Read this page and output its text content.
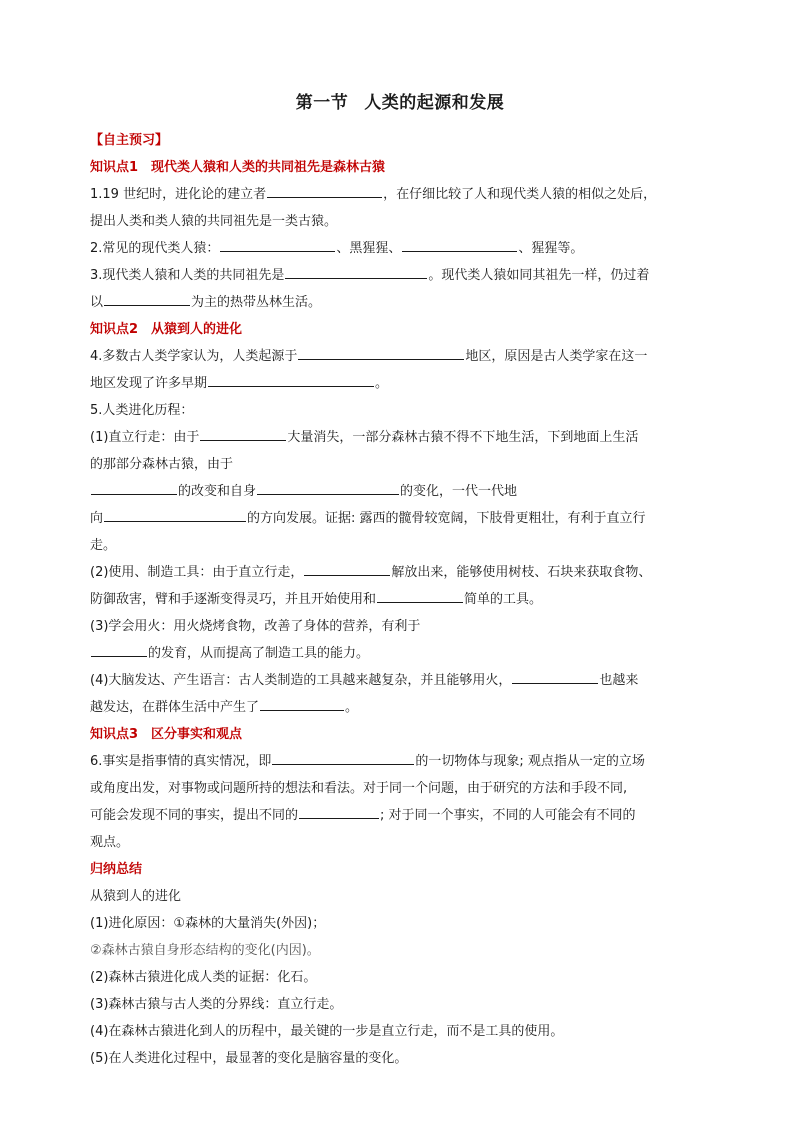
第一节 人类的起源和发展

【自主预习】

知识点1　现代类人猿和人类的共同祖先是森林古猿

1.19 世纪时，进化论的建立者	，在仔细比较了人和现代类人猿的相似之处后，

提出人类和类人猿的共同祖先是一类古猿。

2.常见的现代类人猿：	、黑猩猩、	、猩猩等。

3.现代类人猿和人类的共同祖先是	。现代类人猿如同其祖先一样，仍过着

以	为主的热带丛林生活。

知识点2　从猿到人的进化

4.多数古人类学家认为，人类起源于	地区，原因是古人类学家在这一

地区发现了许多早期	。

5.人类进化历程：

(1)直立行走：由于	大量消失，一部分森林古猿不得不下地生活，下到地面上生活

的那部分森林古猿，由于

的改变和自身	的变化，一代一代地

向	的方向发展。证据: 露西的髋骨较宽阔，下肢骨更粗壮，有利于直立行

走。

(2)使用、制造工具：由于直立行走，	解放出来，能够使用树枝、石块来获取食物、

防御敌害，臂和手逐渐变得灵巧，并且开始使用和	简单的工具。

(3)学会用火：用火烧烤食物，改善了身体的营养，有利于

的发育，从而提高了制造工具的能力。

(4)大脑发达、产生语言：古人类制造的工具越来越复杂，并且能够用火，	也越来

越发达，在群体生活中产生了	。

知识点3　区分事实和观点

6.事实是指事情的真实情况，即	的一切物体与现象; 观点指从一定的立场

或角度出发，对事物或问题所持的想法和看法。对于同一个问题，由于研究的方法和手段不同,

可能会发现不同的事实，提出不同的	; 对于同一个事实，不同的人可能会有不同的

观点。

归纳总结

从猿到人的进化

(1)进化原因：①森林的大量消失(外因)；

②森林古猿自身形态结构的变化(内因)。

(2)森林古猿进化成人类的证据：化石。

(3)森林古猿与古人类的分界线：直立行走。

(4)在森林古猿进化到人的历程中，最关键的一步是直立行走，而不是工具的使用。

(5)在人类进化过程中，最显著的变化是脑容量的变化。
